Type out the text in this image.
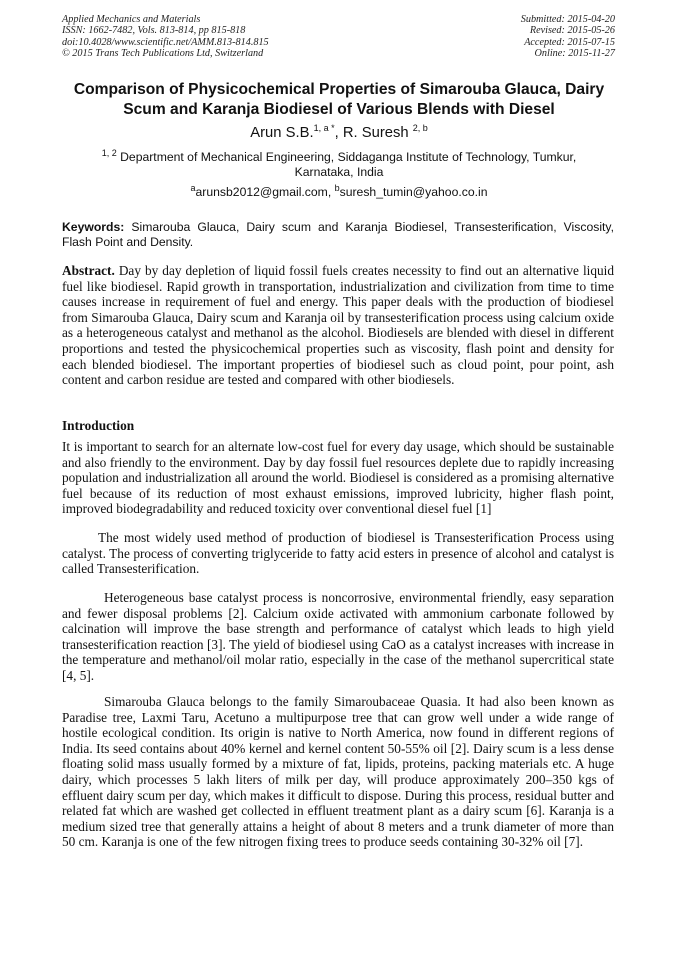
Applied Mechanics and Materials
ISSN: 1662-7482, Vols. 813-814, pp 815-818
doi:10.4028/www.scientific.net/AMM.813-814.815
© 2015 Trans Tech Publications Ltd, Switzerland
Submitted: 2015-04-20
Revised: 2015-05-26
Accepted: 2015-07-15
Online: 2015-11-27
Comparison of Physicochemical Properties of Simarouba Glauca, Dairy
Scum and Karanja Biodiesel of Various Blends with Diesel
Arun S.B.$^{1, a *}$, R. Suresh $^{2, b}$
$^{1, 2}$ Department of Mechanical Engineering, Siddaganga Institute of Technology, Tumkur,
Karnataka, India
$^a$arunsb2012@gmail.com, $^b$suresh_tumin@yahoo.co.in
Keywords: Simarouba Glauca, Dairy scum and Karanja Biodiesel, Transesterification, Viscosity, Flash Point and Density.
Abstract. Day by day depletion of liquid fossil fuels creates necessity to find out an alternative liquid fuel like biodiesel. Rapid growth in transportation, industrialization and civilization from time to time causes increase in requirement of fuel and energy. This paper deals with the production of biodiesel from Simarouba Glauca, Dairy scum and Karanja oil by transesterification process using calcium oxide as a heterogeneous catalyst and methanol as the alcohol. Biodiesels are blended with diesel in different proportions and tested the physicochemical properties such as viscosity, flash point and density for each blended biodiesel. The important properties of biodiesel such as cloud point, pour point, ash content and carbon residue are tested and compared with other biodiesels.
Introduction

It is important to search for an alternate low-cost fuel for every day usage, which should be sustainable and also friendly to the environment. Day by day fossil fuel resources deplete due to rapidly increasing population and industrialization all around the world. Biodiesel is considered as a promising alternative fuel because of its reduction of most exhaust emissions, improved lubricity, higher flash point, improved biodegradability and reduced toxicity over conventional diesel fuel [1]

The most widely used method of production of biodiesel is Transesterification Process using catalyst. The process of converting triglyceride to fatty acid esters in presence of alcohol and catalyst is called Transesterification.

Heterogeneous base catalyst process is noncorrosive, environmental friendly, easy separation and fewer disposal problems [2]. Calcium oxide activated with ammonium carbonate followed by calcination will improve the base strength and performance of catalyst which leads to high yield transesterification reaction [3]. The yield of biodiesel using CaO as a catalyst increases with increase in the temperature and methanol/oil molar ratio, especially in the case of the methanol supercritical state [4, 5].

Simarouba Glauca belongs to the family Simaroubaceae Quasia. It had also been known as Paradise tree, Laxmi Taru, Acetuno a multipurpose tree that can grow well under a wide range of hostile ecological condition. Its origin is native to North America, now found in different regions of India. Its seed contains about 40% kernel and kernel content 50-55% oil [2]. Dairy scum is a less dense floating solid mass usually formed by a mixture of fat, lipids, proteins, packing materials etc. A huge dairy, which processes 5 lakh liters of milk per day, will produce approximately 200–350 kgs of effluent dairy scum per day, which makes it difficult to dispose. During this process, residual butter and related fat which are washed get collected in effluent treatment plant as a dairy scum [6]. Karanja is a medium sized tree that generally attains a height of about 8 meters and a trunk diameter of more than 50 cm. Karanja is one of the few nitrogen fixing trees to produce seeds containing 30-32% oil [7].
